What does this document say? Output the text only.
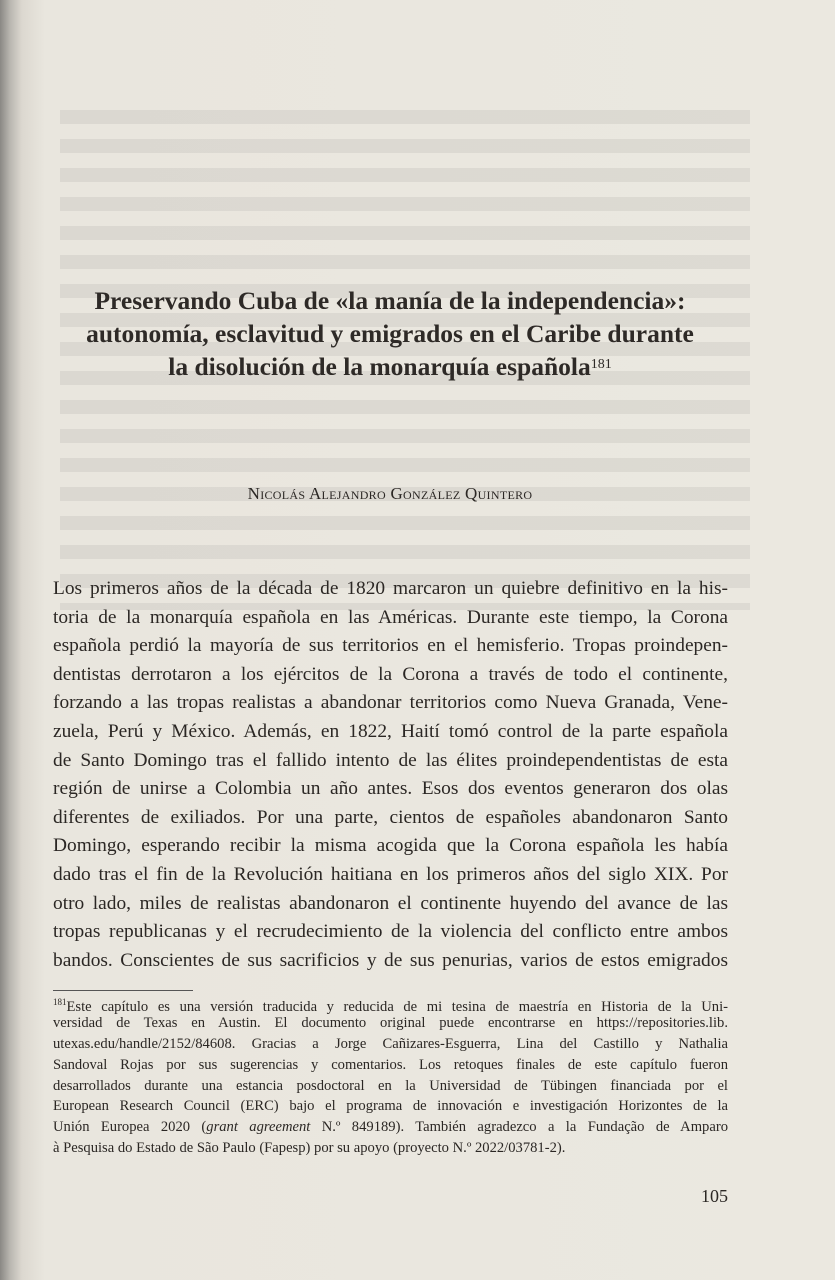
Preservando Cuba de «la manía de la independencia»:
autonomía, esclavitud y emigrados en el Caribe durante
la disolución de la monarquía española$^{181}$
Nicolás Alejandro González Quintero
Los primeros años de la década de 1820 marcaron un quiebre definitivo en la his-
toria de la monarquía española en las Américas. Durante este tiempo, la Corona
española perdió la mayoría de sus territorios en el hemisferio. Tropas proindepen-
dentistas derrotaron a los ejércitos de la Corona a través de todo el continente,
forzando a las tropas realistas a abandonar territorios como Nueva Granada, Vene-
zuela, Perú y México. Además, en 1822, Haití tomó control de la parte española
de Santo Domingo tras el fallido intento de las élites proindependentistas de esta
región de unirse a Colombia un año antes. Esos dos eventos generaron dos olas
diferentes de exiliados. Por una parte, cientos de españoles abandonaron Santo
Domingo, esperando recibir la misma acogida que la Corona española les había
dado tras el fin de la Revolución haitiana en los primeros años del siglo XIX. Por
otro lado, miles de realistas abandonaron el continente huyendo del avance de las
tropas republicanas y el recrudecimiento de la violencia del conflicto entre ambos
bandos. Conscientes de sus sacrificios y de sus penurias, varios de estos emigrados
$^{181}$Este capítulo es una versión traducida y reducida de mi tesina de maestría en Historia de la Uni-
versidad de Texas en Austin. El documento original puede encontrarse en https://repositories.lib.
utexas.edu/handle/2152/84608. Gracias a Jorge Cañizares-Esguerra, Lina del Castillo y Nathalia
Sandoval Rojas por sus sugerencias y comentarios. Los retoques finales de este capítulo fueron
desarrollados durante una estancia posdoctoral en la Universidad de Tübingen financiada por el
European Research Council (ERC) bajo el programa de innovación e investigación Horizontes de la
Unión Europea 2020 (grant agreement N.º 849189). También agradezco a la Fundação de Amparo
à Pesquisa do Estado de São Paulo (Fapesp) por su apoyo (proyecto N.º 2022/03781-2).
105
